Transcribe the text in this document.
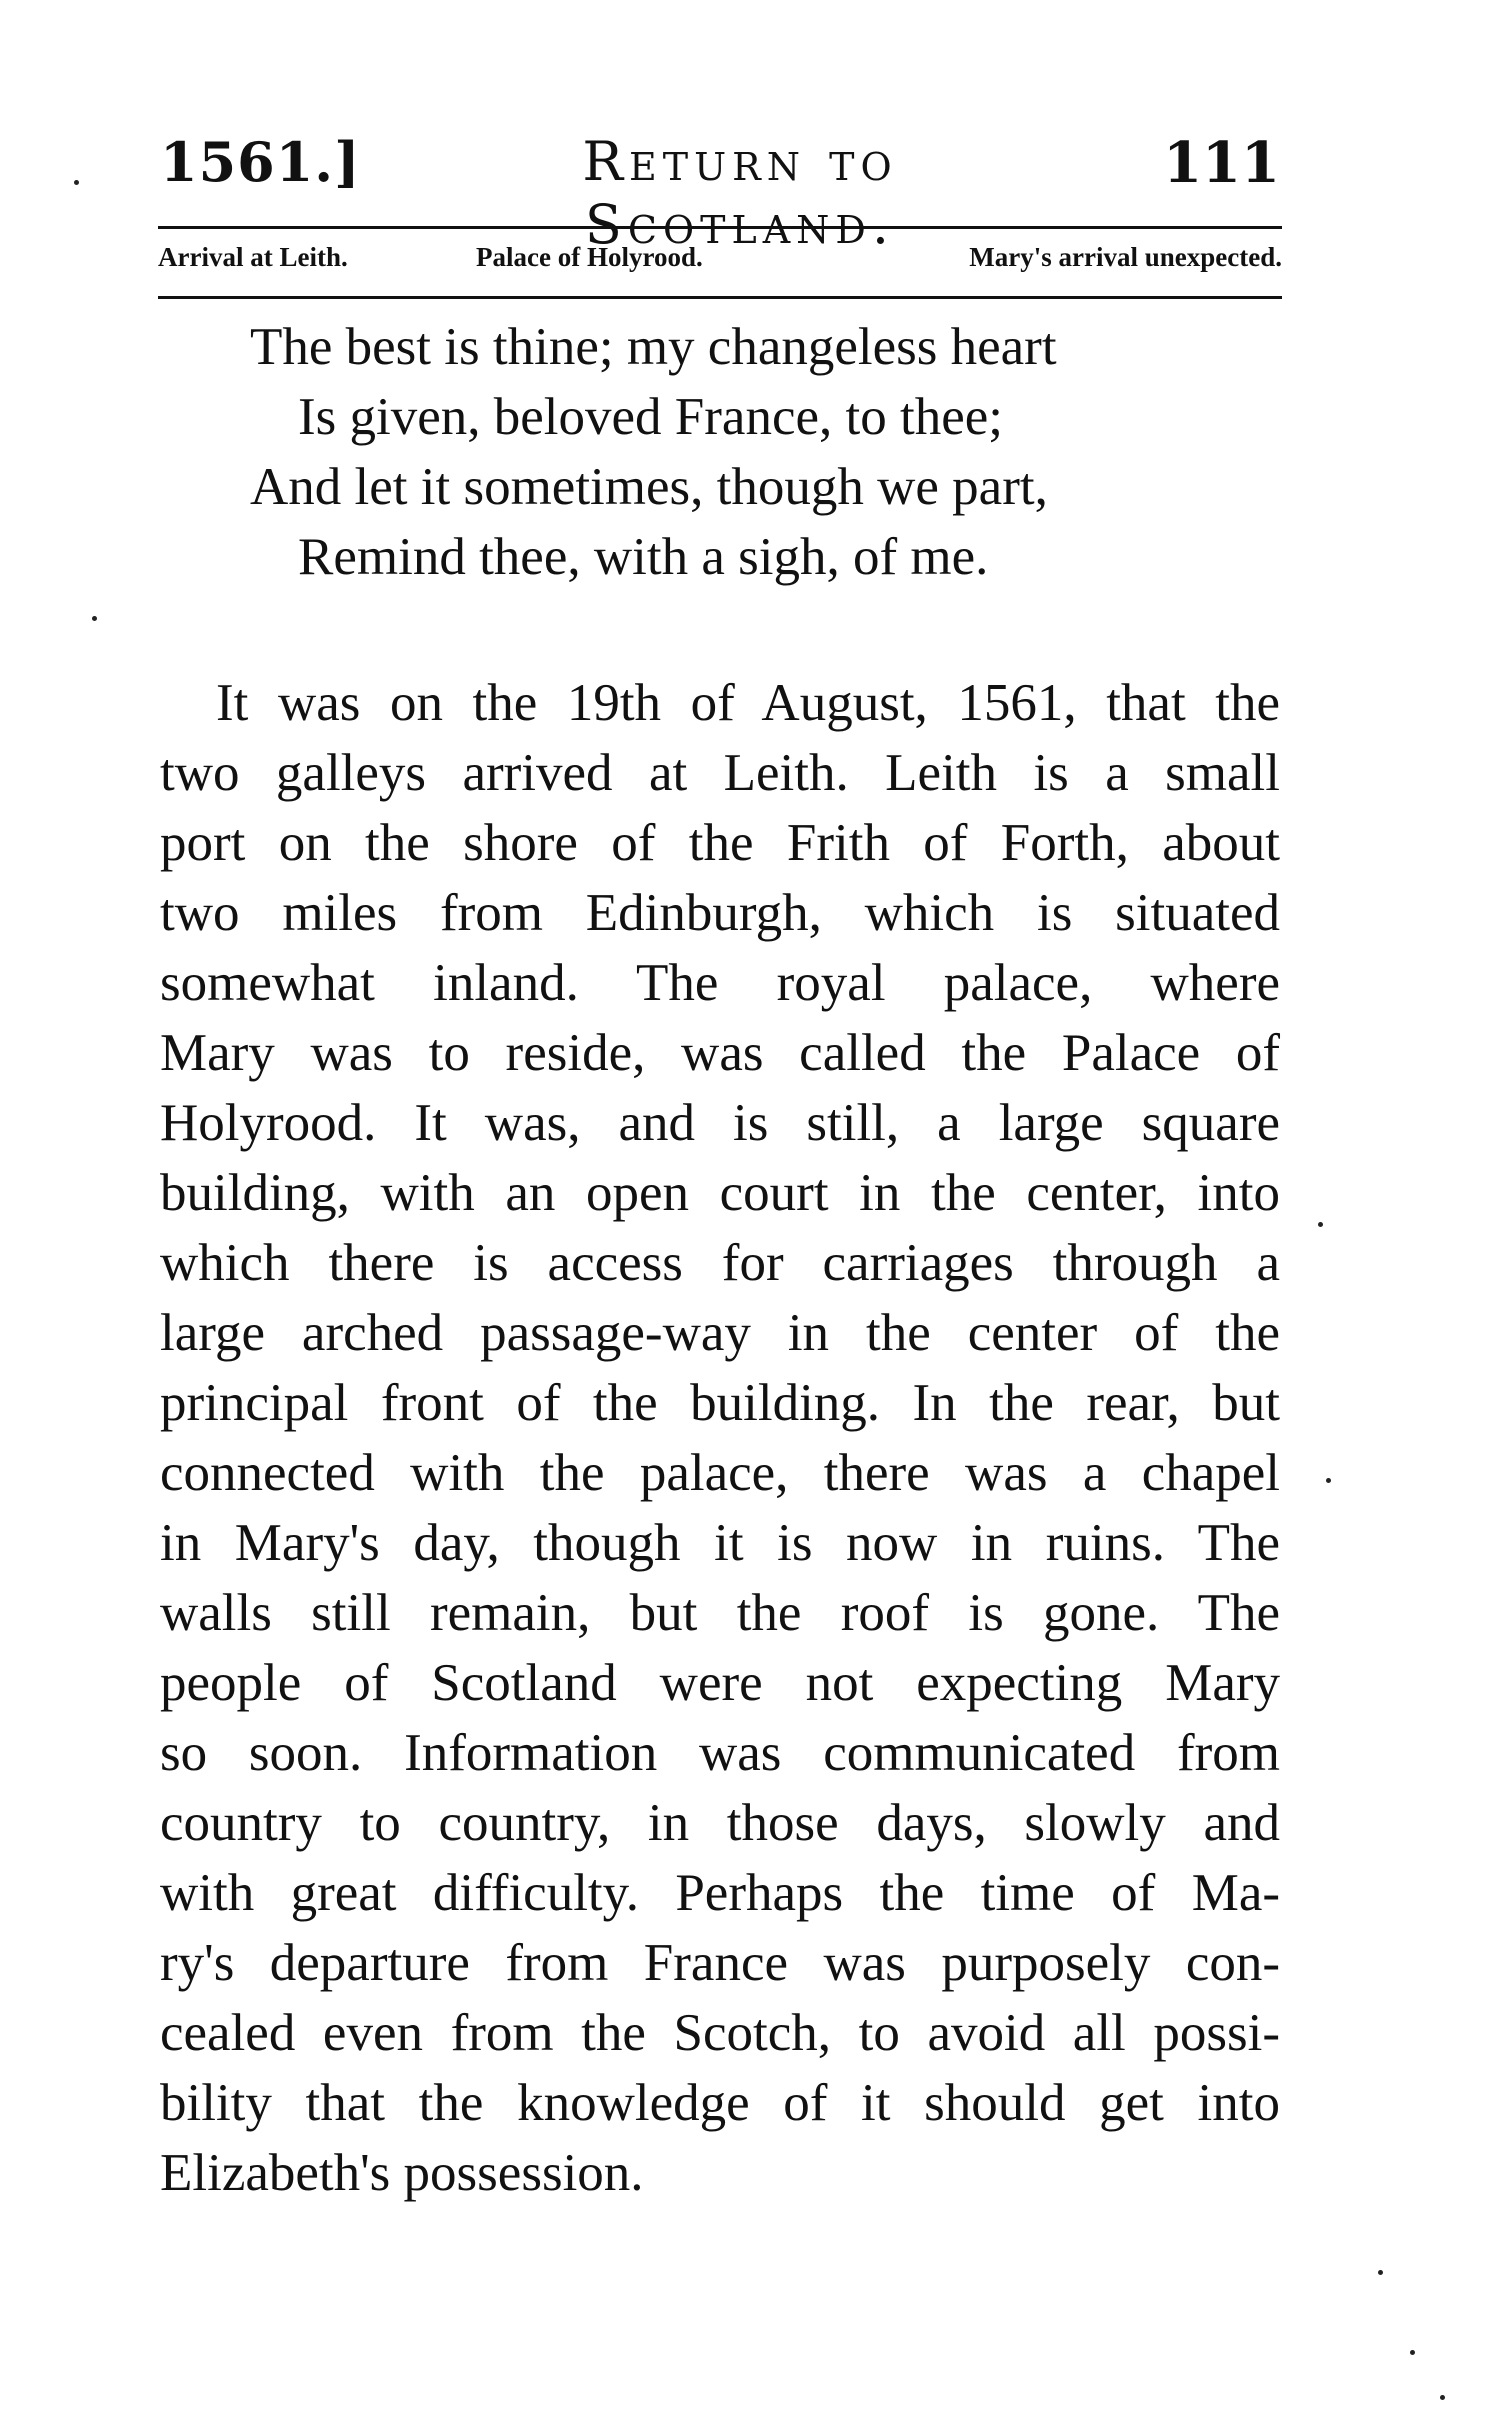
1561.]	Return to Scotland.
111
Arrival at Leith.	Palace of Holyrood.	Mary's arrival unexpected.
The best is thine; my changeless heart
Is given, beloved France, to thee;
And let it sometimes, though we part,
Remind thee, with a sigh, of me.
It was on the 19th of August, 1561, that the
two galleys arrived at Leith. Leith is a small
port on the shore of the Frith of Forth, about
two miles from Edinburgh, which is situated
somewhat inland. The royal palace, where
Mary was to reside, was called the Palace of
Holyrood. It was, and is still, a large square
building, with an open court in the center, into
which there is access for carriages through a
large arched passage-way in the center of the
principal front of the building. In the rear, but
connected with the palace, there was a chapel
in Mary's day, though it is now in ruins. The
walls still remain, but the roof is gone. The
people of Scotland were not expecting Mary
so soon. Information was communicated from
country to country, in those days, slowly and
with great difficulty. Perhaps the time of Ma-
ry's departure from France was purposely con-
cealed even from the Scotch, to avoid all possi-
bility that the knowledge of it should get into
Elizabeth's possession.
